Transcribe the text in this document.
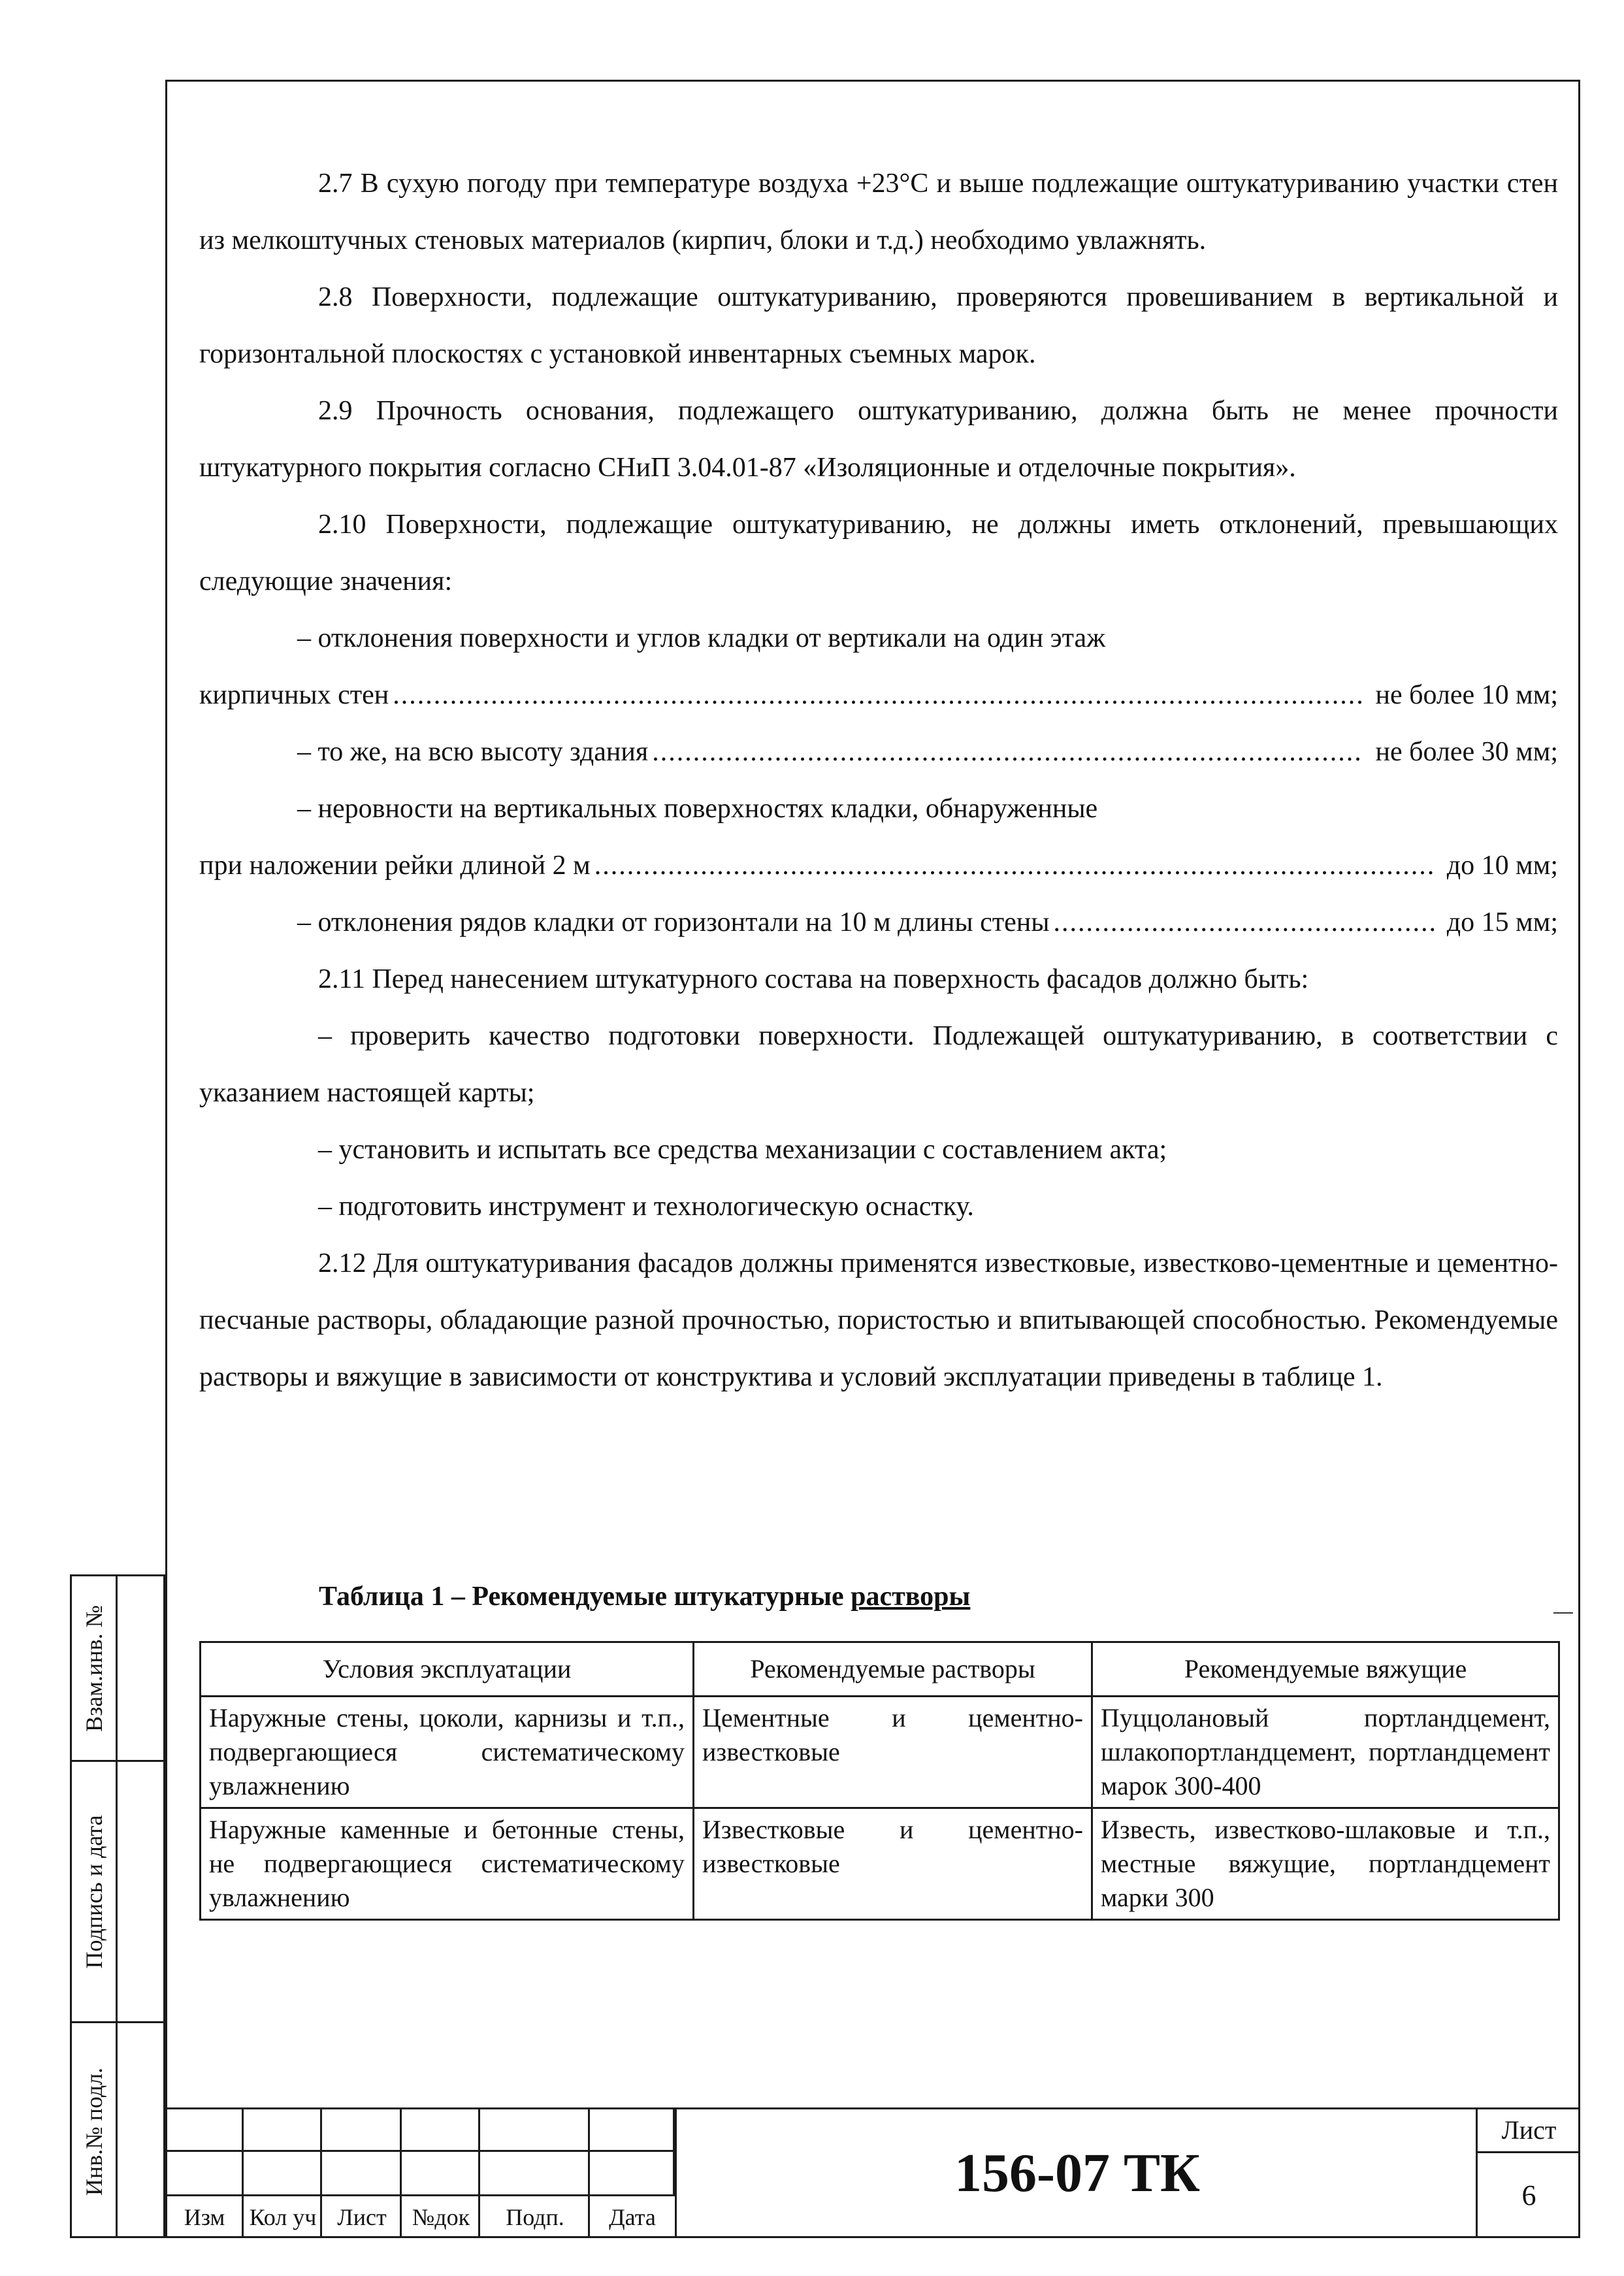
2.7 В сухую погоду при температуре воздуха +23°С и выше подлежащие оштукатуриванию участки стен из мелкоштучных стеновых материалов (кирпич, блоки и т.д.) необходимо увлажнять.

2.8 Поверхности, подлежащие оштукатуриванию, проверяются провешиванием в вертикальной и горизонтальной плоскостях с установкой инвентарных съемных марок.

2.9 Прочность основания, подлежащего оштукатуриванию, должна быть не менее прочности штукатурного покрытия согласно СНиП 3.04.01-87 «Изоляционные и отделочные покрытия».

2.10 Поверхности, подлежащие оштукатуриванию, не должны иметь отклонений, превышающих следующие значения:

– отклонения поверхности и углов кладки от вертикали на один этаж

кирпичных стен .....	не более 10 мм;

– то же, на всю высоту здания .....	не более 30 мм;

– неровности на вертикальных поверхностях кладки, обнаруженные

при наложении рейки длиной 2 м .....	до 10 мм;

– отклонения рядов кладки от горизонтали на 10 м длины стены .....	до 15 мм;

2.11 Перед нанесением штукатурного состава на поверхность фасадов должно быть:

– проверить качество подготовки поверхности. Подлежащей оштукатуриванию, в соответствии с указанием настоящей карты;

– установить и испытать все средства механизации с составлением акта;

– подготовить инструмент и технологическую оснастку.

2.12 Для оштукатуривания фасадов должны применятся известковые, известково-цементные и цементно-песчаные растворы, обладающие разной прочностью, пористостью и впитывающей способностью. Рекомендуемые растворы и вяжущие в зависимости от конструктива и условий эксплуатации приведены в таблице 1.

Таблица 1 – Рекомендуемые штукатурные растворы
Условия эксплуатации	Рекомендуемые растворы	Рекомендуемые вяжущие
Наружные стены, цоколи, карнизы и т.п., подвергающиеся систематическому увлажнению	Цементные и цементно-известковые	Пуццолановый портландцемент, шлакопортландцемент, портландцемент марок 300-400
Наружные каменные и бетонные стены, не подвергающиеся систематическому увлажнению	Известковые и цементно-известковые	Известь, известково-шлаковые и т.п., местные вяжущие, портландцемент марки 300
Взам.инв. №
Подпись и дата
Инв.№ подл.
Изм	Кол уч Лист	№док	Подп.	Дата
156-07 ТК
Лист
6
